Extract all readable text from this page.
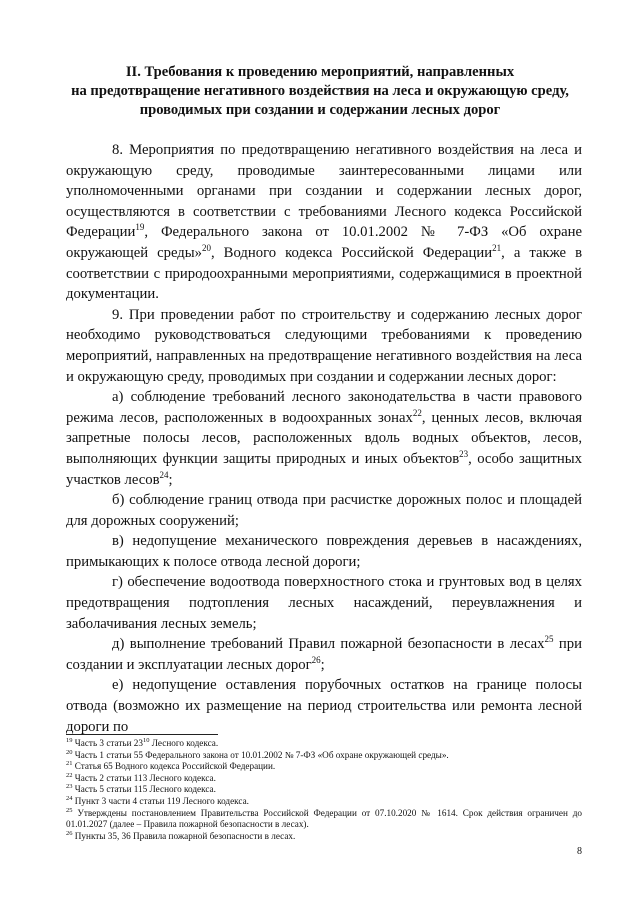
II. Требования к проведению мероприятий, направленных
на предотвращение негативного воздействия на леса и окружающую среду,
проводимых при создании и содержании лесных дорог

8. Мероприятия по предотвращению негативного воздействия на леса и окружающую среду, проводимые заинтересованными лицами или уполномоченными органами при создании и содержании лесных дорог, осуществляются в соответствии с требованиями Лесного кодекса Российской Федерации$^{19}$, Федерального закона от 10.01.2002 № 7-ФЗ «Об охране окружающей среды»$^{20}$, Водного кодекса Российской Федерации$^{21}$, а также в соответствии с природоохранными мероприятиями, содержащимися в проектной документации.

9. При проведении работ по строительству и содержанию лесных дорог необходимо руководствоваться следующими требованиями к проведению мероприятий, направленных на предотвращение негативного воздействия на леса и окружающую среду, проводимых при создании и содержании лесных дорог:

а) соблюдение требований лесного законодательства в части правового режима лесов, расположенных в водоохранных зонах$^{22}$, ценных лесов, включая запретные полосы лесов, расположенных вдоль водных объектов, лесов, выполняющих функции защиты природных и иных объектов$^{23}$, особо защитных участков лесов$^{24}$;

б) соблюдение границ отвода при расчистке дорожных полос и площадей для дорожных сооружений;

в) недопущение механического повреждения деревьев в насаждениях, примыкающих к полосе отвода лесной дороги;

г) обеспечение водоотвода поверхностного стока и грунтовых вод в целях предотвращения подтопления лесных насаждений, переувлажнения и заболачивания лесных земель;

д) выполнение требований Правил пожарной безопасности в лесах$^{25}$ при создании и эксплуатации лесных дорог$^{26}$;

е) недопущение оставления порубочных остатков на границе полосы отвода (возможно их размещение на период строительства или ремонта лесной дороги по

$^{19}$ Часть 3 статьи $23^{10}$ Лесного кодекса.

$^{20}$ Часть 1 статьи 55 Федерального закона от 10.01.2002 № 7-ФЗ «Об охране окружающей среды».

$^{21}$ Статья 65 Водного кодекса Российской Федерации.

$^{22}$ Часть 2 статьи 113 Лесного кодекса.

$^{23}$ Часть 5 статьи 115 Лесного кодекса.

$^{24}$ Пункт 3 части 4 статьи 119 Лесного кодекса.

$^{25}$ Утверждены постановлением Правительства Российской Федерации от 07.10.2020 № 1614. Срок действия ограничен до 01.01.2027 (далее – Правила пожарной безопасности в лесах).

$^{26}$ Пункты 35, 36 Правила пожарной безопасности в лесах.

8
